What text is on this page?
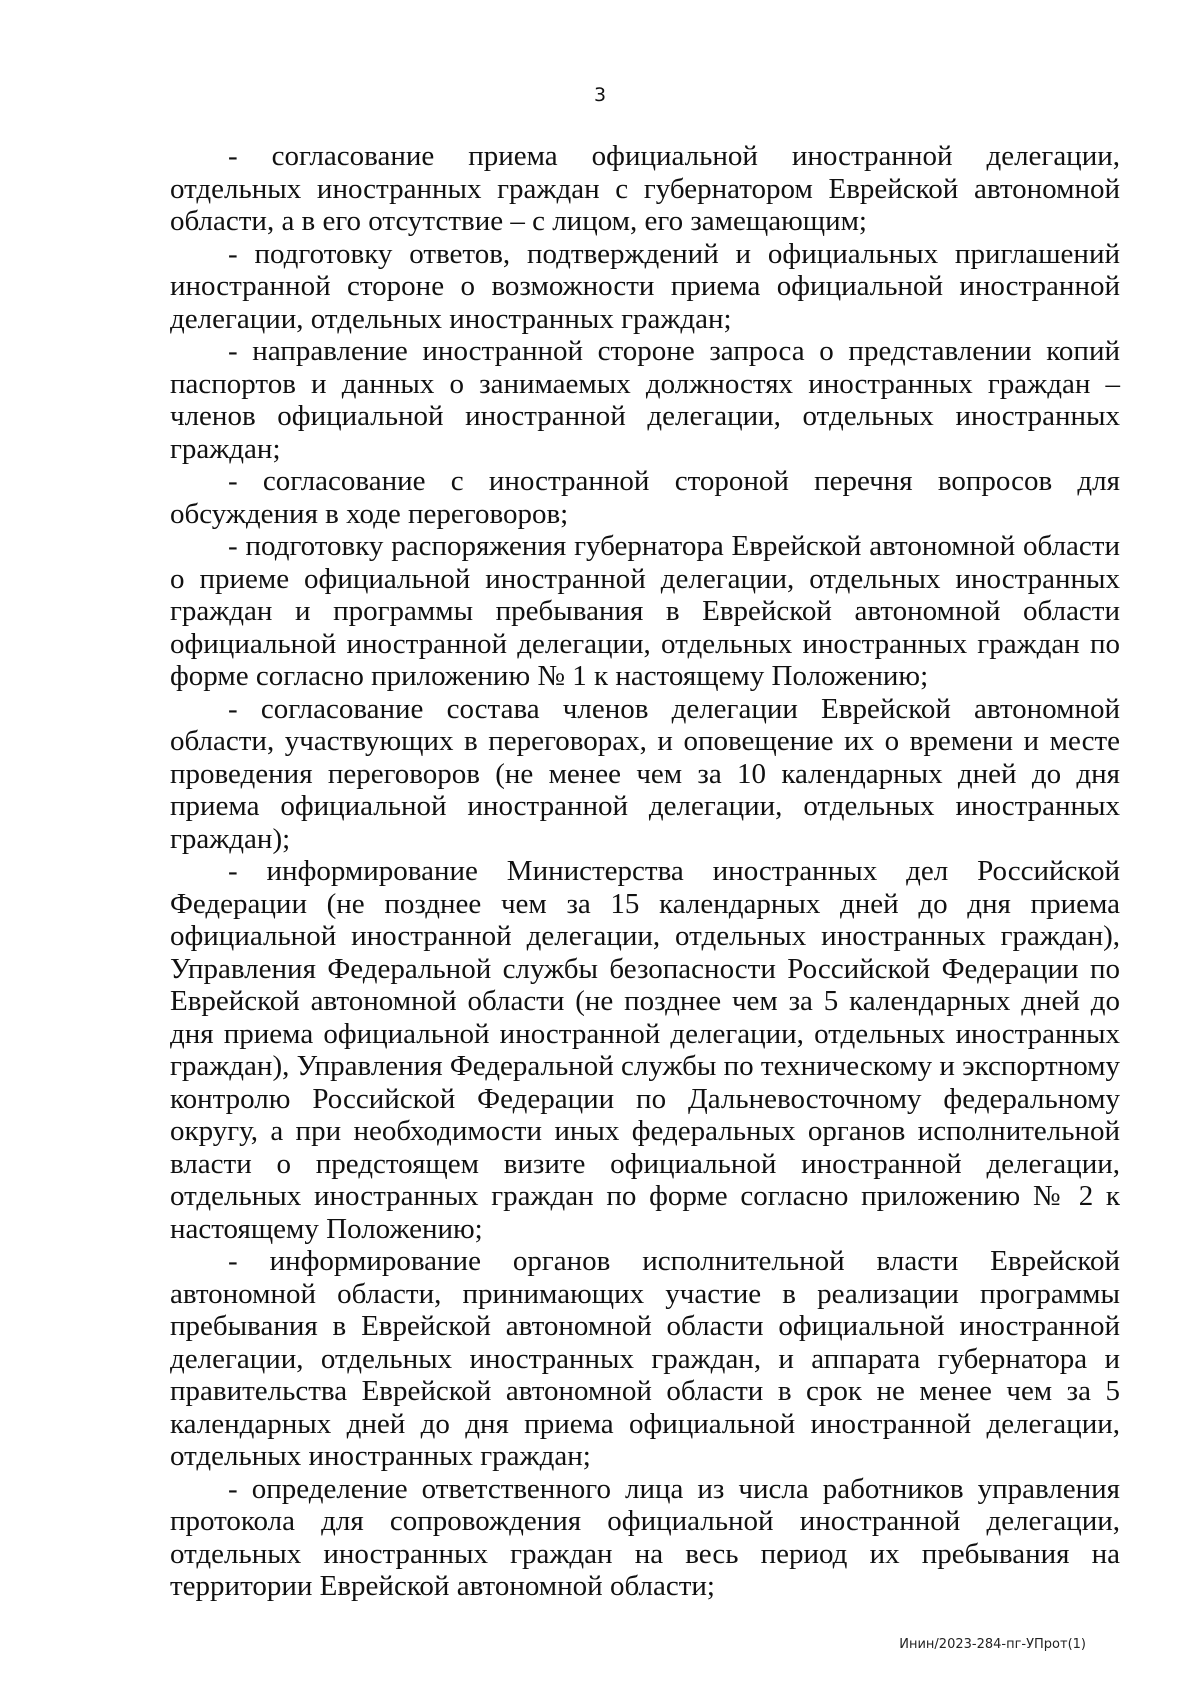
3

- согласование приема официальной иностранной делегации, отдельных иностранных граждан с губернатором Еврейской автономной области, а в его отсутствие – с лицом, его замещающим;

- подготовку ответов, подтверждений и официальных приглашений иностранной стороне о возможности приема официальной иностранной делегации, отдельных иностранных граждан;

- направление иностранной стороне запроса о представлении копий паспортов и данных о занимаемых должностях иностранных граждан – членов официальной иностранной делегации, отдельных иностранных граждан;

- согласование с иностранной стороной перечня вопросов для обсуждения в ходе переговоров;

- подготовку распоряжения губернатора Еврейской автономной области о приеме официальной иностранной делегации, отдельных иностранных граждан и программы пребывания в Еврейской автономной области официальной иностранной делегации, отдельных иностранных граждан по форме согласно приложению № 1 к настоящему Положению;

- согласование состава членов делегации Еврейской автономной области, участвующих в переговорах, и оповещение их о времени и месте проведения переговоров (не менее чем за 10 календарных дней до дня приема официальной иностранной делегации, отдельных иностранных граждан);

- информирование Министерства иностранных дел Российской Федерации (не позднее чем за 15 календарных дней до дня приема официальной иностранной делегации, отдельных иностранных граждан), Управления Федеральной службы безопасности Российской Федерации по Еврейской автономной области (не позднее чем за 5 календарных дней до дня приема официальной иностранной делегации, отдельных иностранных граждан), Управления Федеральной службы по техническому и экспортному контролю Российской Федерации по Дальневосточному федеральному округу, а при необходимости иных федеральных органов исполнительной власти о предстоящем визите официальной иностранной делегации, отдельных иностранных граждан по форме согласно приложению № 2 к настоящему Положению;

- информирование органов исполнительной власти Еврейской автономной области, принимающих участие в реализации программы пребывания в Еврейской автономной области официальной иностранной делегации, отдельных иностранных граждан, и аппарата губернатора и правительства Еврейской автономной области в срок не менее чем за 5 календарных дней до дня приема официальной иностранной делегации, отдельных иностранных граждан;

- определение ответственного лица из числа работников управления протокола для сопровождения официальной иностранной делегации, отдельных иностранных граждан на весь период их пребывания на территории Еврейской автономной области;

Инин/2023-284-пг-УПрот(1)
